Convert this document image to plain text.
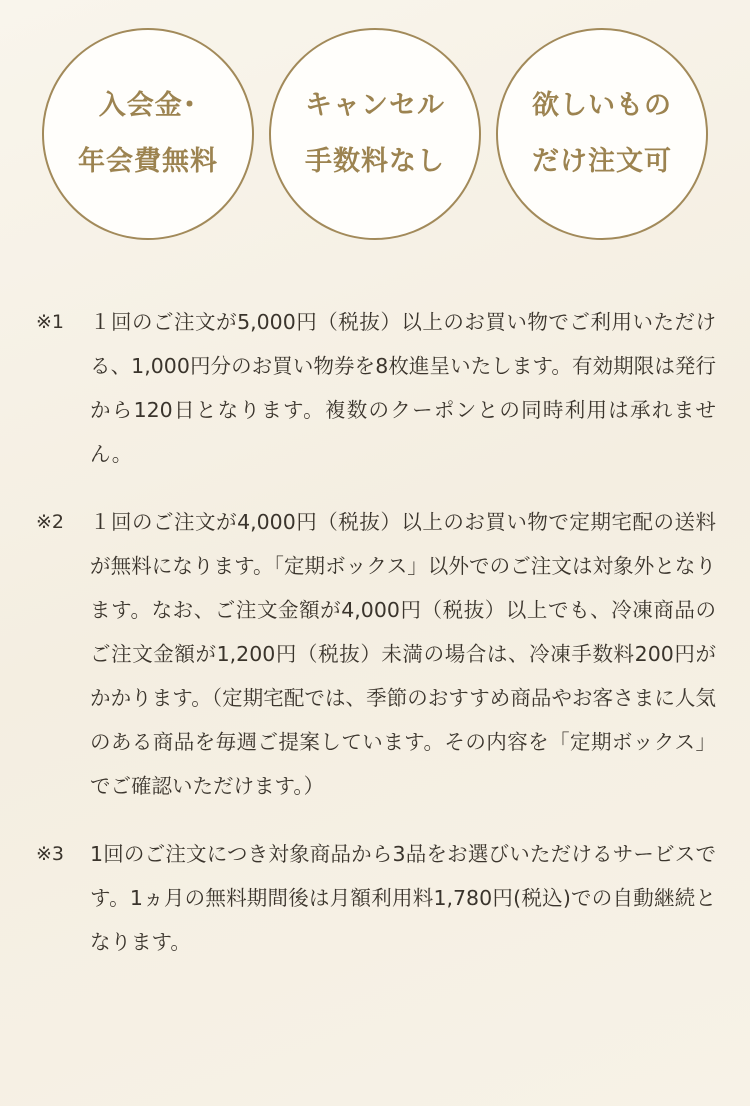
入会金･
年会費無料
キャンセル
手数料なし
欲しいもの
だけ注文可
※1	１回のご注文が5,000円（税抜）以上のお買い物でご利用いただける、1,000円分のお買い物券を8枚進呈いたします。有効期限は発行から120日となります。複数のクーポンとの同時利用は承れません。
※2	１回のご注文が4,000円（税抜）以上のお買い物で定期宅配の送料が無料になります。「定期ボックス」以外でのご注文は対象外となります。なお、ご注文金額が4,000円（税抜）以上でも、冷凍商品のご注文金額が1,200円（税抜）未満の場合は、冷凍手数料200円がかかります。（定期宅配では、季節のおすすめ商品やお客さまに人気のある商品を毎週ご提案しています。その内容を「定期ボックス」でご確認いただけます。）
※3	1回のご注文につき対象商品から3品をお選びいただけるサービスです。1ヵ月の無料期間後は月額利用料1,780円(税込)での自動継続となります。
